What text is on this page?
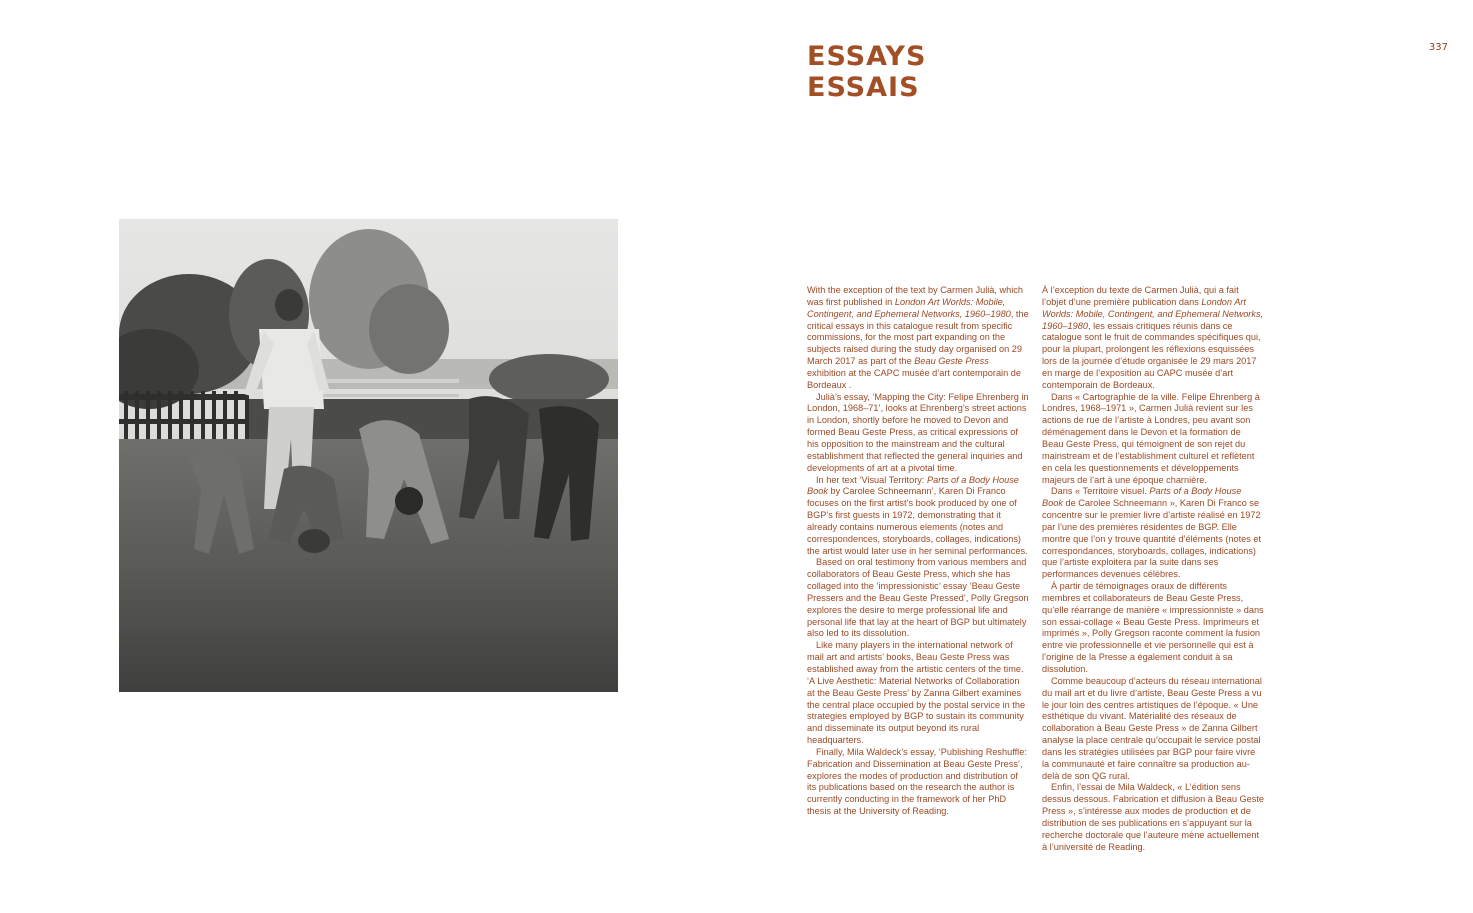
337
ESSAYS
ESSAIS

With the exception of the text by Carmen Julià, which was first published in London Art Worlds: Mobile, Contingent, and Ephemeral Networks, 1960–1980, the critical essays in this catalogue result from specific commissions, for the most part expanding on the subjects raised during the study day organised on 29 March 2017 as part of the Beau Geste Press exhibition at the CAPC musée d’art contemporain de Bordeaux .

Julià’s essay, ‘Mapping the City: Felipe Ehrenberg in London, 1968–71’, looks at Ehrenberg’s street actions in London, shortly before he moved to Devon and formed Beau Geste Press, as critical expressions of his opposition to the mainstream and the cultural establishment that reflected the general inquiries and developments of art at a pivotal time.

In her text ‘Visual Territory: Parts of a Body House Book by Carolee Schneemann’, Karen Di Franco focuses on the first artist’s book produced by one of BGP’s first guests in 1972, demonstrating that it already contains numerous elements (notes and correspondences, storyboards, collages, indications) the artist would later use in her seminal performances.

Based on oral testimony from various members and collaborators of Beau Geste Press, which she has collaged into the ‘impressionistic’ essay ‘Beau Geste Pressers and the Beau Geste Pressed’, Polly Gregson explores the desire to merge professional life and personal life that lay at the heart of BGP but ultimately also led to its dissolution.

Like many players in the international network of mail art and artists’ books, Beau Geste Press was established away from the artistic centers of the time. ‘A Live Aesthetic: Material Networks of Collaboration at the Beau Geste Press’ by Zanna Gilbert examines the central place occupied by the postal service in the strategies employed by BGP to sustain its community and disseminate its output beyond its rural headquarters.

Finally, Mila Waldeck’s essay, ‘Publishing Reshuffle: Fabrication and Dissemination at Beau Geste Press’, explores the modes of production and distribution of its publications based on the research the author is currently conducting in the framework of her PhD thesis at the University of Reading.

À l’exception du texte de Carmen Julià, qui a fait l’objet d’une première publication dans London Art Worlds: Mobile, Contingent, and Ephemeral Networks, 1960–1980, les essais critiques réunis dans ce catalogue sont le fruit de commandes spécifiques qui, pour la plupart, prolongent les réflexions esquissées lors de la journée d’étude organisée le 29 mars 2017 en marge de l’exposition au CAPC musée d’art contemporain de Bordeaux.

Dans « Cartographie de la ville. Felipe Ehrenberg à Londres, 1968–1971 », Carmen Julià revient sur les actions de rue de l’artiste à Londres, peu avant son déménagement dans le Devon et la formation de Beau Geste Press, qui témoignent de son rejet du mainstream et de l’establishment culturel et reflètent en cela les questionnements et développements majeurs de l’art à une époque charnière.

Dans « Territoire visuel. Parts of a Body House Book de Carolee Schneemann », Karen Di Franco se concentre sur le premier livre d’artiste réalisé en 1972 par l’une des premières résidentes de BGP. Elle montre que l’on y trouve quantité d’éléments (notes et correspondances, storyboards, collages, indications) que l’artiste exploitera par la suite dans ses performances devenues célèbres.

À partir de témoignages oraux de différents membres et collaborateurs de Beau Geste Press, qu’elle réarrange de manière « impressionniste » dans son essai-collage « Beau Geste Press. Imprimeurs et imprimés », Polly Gregson raconte comment la fusion entre vie professionnelle et vie personnelle qui est à l’origine de la Presse a également conduit à sa dissolution.

Comme beaucoup d’acteurs du réseau international du mail art et du livre d’artiste, Beau Geste Press a vu le jour loin des centres artistiques de l’époque. « Une esthétique du vivant. Matérialité des réseaux de collaboration à Beau Geste Press » de Zanna Gilbert analyse la place centrale qu’occupait le service postal dans les stratégies utilisées par BGP pour faire vivre la communauté et faire connaître sa production au-delà de son QG rural.

Enfin, l’essai de Mila Waldeck, « L’édition sens dessus dessous. Fabrication et diffusion à Beau Geste Press », s’intéresse aux modes de production et de distribution de ses publications en s’appuyant sur la recherche doctorale que l’auteure mène actuellement à l’université de Reading.
